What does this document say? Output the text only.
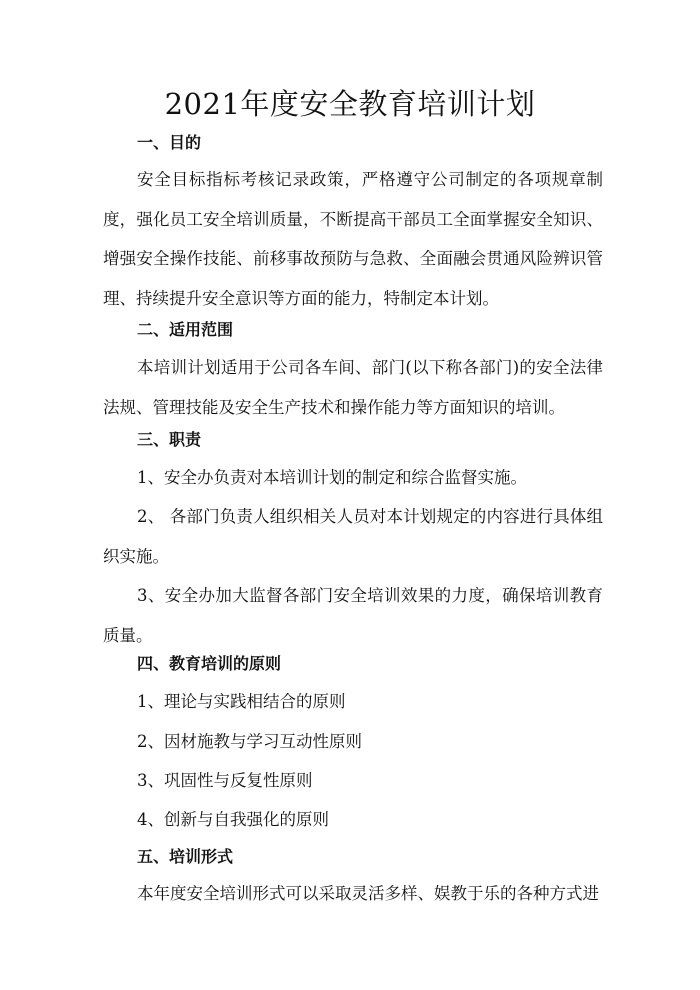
2021年度安全教育培训计划
一、目的

安全目标指标考核记录政策，严格遵守公司制定的各项规章制度，强化员工安全培训质量，不断提高干部员工全面掌握安全知识、增强安全操作技能、前移事故预防与急救、全面融会贯通风险辨识管理、持续提升安全意识等方面的能力，特制定本计划。

二、适用范围

本培训计划适用于公司各车间、部门(以下称各部门)的安全法律法规、管理技能及安全生产技术和操作能力等方面知识的培训。

三、职责

1、安全办负责对本培训计划的制定和综合监督实施。

2、 各部门负责人组织相关人员对本计划规定的内容进行具体组织实施。

3、安全办加大监督各部门安全培训效果的力度，确保培训教育质量。

四、教育培训的原则

1、理论与实践相结合的原则

2、因材施教与学习互动性原则

3、巩固性与反复性原则

4、创新与自我强化的原则

五、培训形式

本年度安全培训形式可以采取灵活多样、娱教于乐的各种方式进
